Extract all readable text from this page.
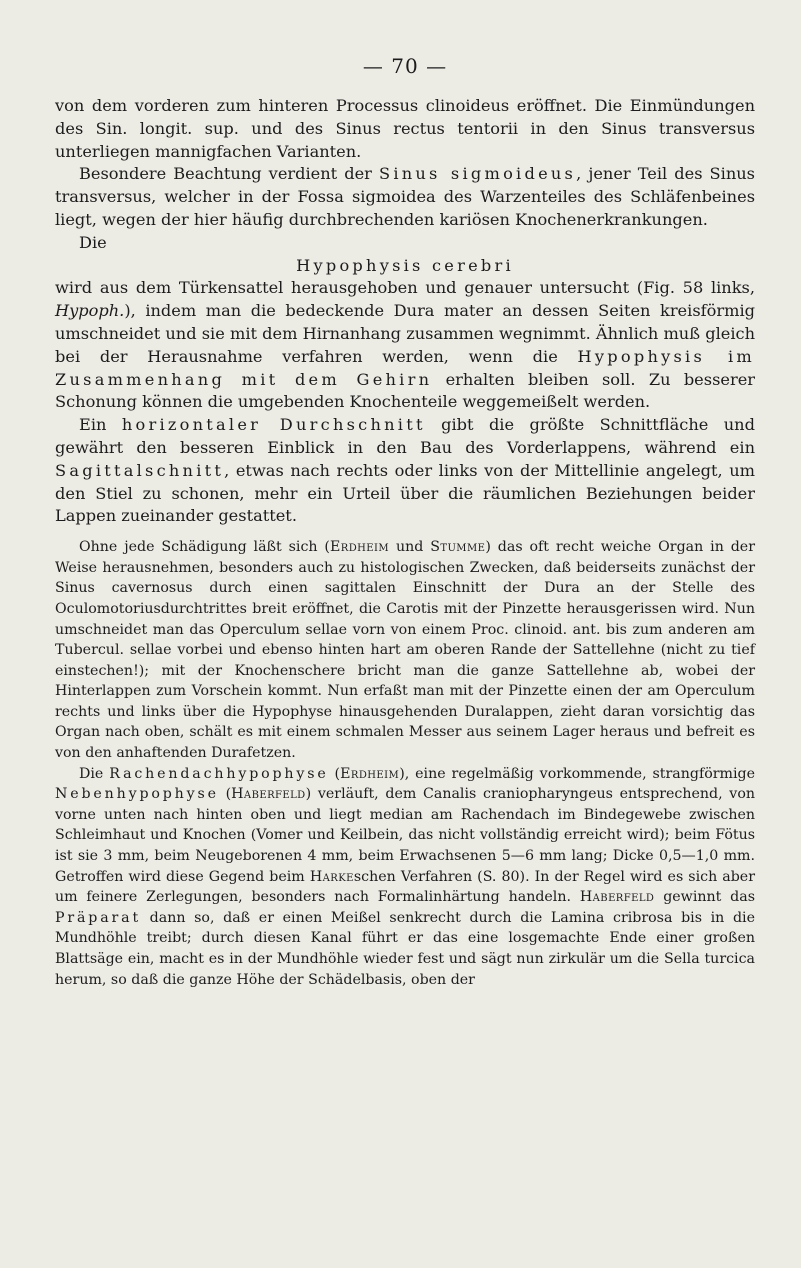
— 70 —

von dem vorderen zum hinteren Processus clinoideus eröffnet. Die Einmündungen des Sin. longit. sup. und des Sinus rectus tentorii in den Sinus transversus unterliegen mannigfachen Varianten.

Besondere Beachtung verdient der Sinus sigmoideus, jener Teil des Sinus transversus, welcher in der Fossa sigmoidea des Warzenteiles des Schläfenbeines liegt, wegen der hier häufig durchbrechenden kariösen Knochenerkrankungen.

Die

Hypophysis cerebri

wird aus dem Türkensattel herausgehoben und genauer untersucht (Fig. 58 links, Hypoph.), indem man die bedeckende Dura mater an dessen Seiten kreisförmig umschneidet und sie mit dem Hirnanhang zusammen wegnimmt. Ähnlich muß gleich bei der Herausnahme verfahren werden, wenn die Hypophysis im Zusammenhang mit dem Gehirn erhalten bleiben soll. Zu besserer Schonung können die umgebenden Knochenteile weggemeißelt werden.

Ein horizontaler Durchschnitt gibt die größte Schnittfläche und gewährt den besseren Einblick in den Bau des Vorderlappens, während ein Sagittalschnitt, etwas nach rechts oder links von der Mittellinie angelegt, um den Stiel zu schonen, mehr ein Urteil über die räumlichen Beziehungen beider Lappen zueinander gestattet.

Ohne jede Schädigung läßt sich (Erdheim und Stumme) das oft recht weiche Organ in der Weise herausnehmen, besonders auch zu histologischen Zwecken, daß beiderseits zunächst der Sinus cavernosus durch einen sagittalen Einschnitt der Dura an der Stelle des Oculomotoriusdurchtrittes breit eröffnet, die Carotis mit der Pinzette herausgerissen wird. Nun umschneidet man das Operculum sellae vorn von einem Proc. clinoid. ant. bis zum anderen am Tubercul. sellae vorbei und ebenso hinten hart am oberen Rande der Sattellehne (nicht zu tief einstechen!); mit der Knochenschere bricht man die ganze Sattellehne ab, wobei der Hinterlappen zum Vorschein kommt. Nun erfaßt man mit der Pinzette einen der am Operculum rechts und links über die Hypophyse hinausgehenden Duralappen, zieht daran vorsichtig das Organ nach oben, schält es mit einem schmalen Messer aus seinem Lager heraus und befreit es von den anhaftenden Durafetzen.

Die Rachendachhypophyse (Erdheim), eine regelmäßig vorkommende, strangförmige Nebenhypophyse (Haberfeld) verläuft, dem Canalis craniopharyngeus entsprechend, von vorne unten nach hinten oben und liegt median am Rachendach im Bindegewebe zwischen Schleimhaut und Knochen (Vomer und Keilbein, das nicht vollständig erreicht wird); beim Fötus ist sie 3 mm, beim Neugeborenen 4 mm, beim Erwachsenen 5—6 mm lang; Dicke 0,5—1,0 mm. Getroffen wird diese Gegend beim Harkeschen Verfahren (S. 80). In der Regel wird es sich aber um feinere Zerlegungen, besonders nach Formalinhärtung handeln. Haberfeld gewinnt das Präparat dann so, daß er einen Meißel senkrecht durch die Lamina cribrosa bis in die Mundhöhle treibt; durch diesen Kanal führt er das eine losgemachte Ende einer großen Blattsäge ein, macht es in der Mundhöhle wieder fest und sägt nun zirkulär um die Sella turcica herum, so daß die ganze Höhe der Schädelbasis, oben der
